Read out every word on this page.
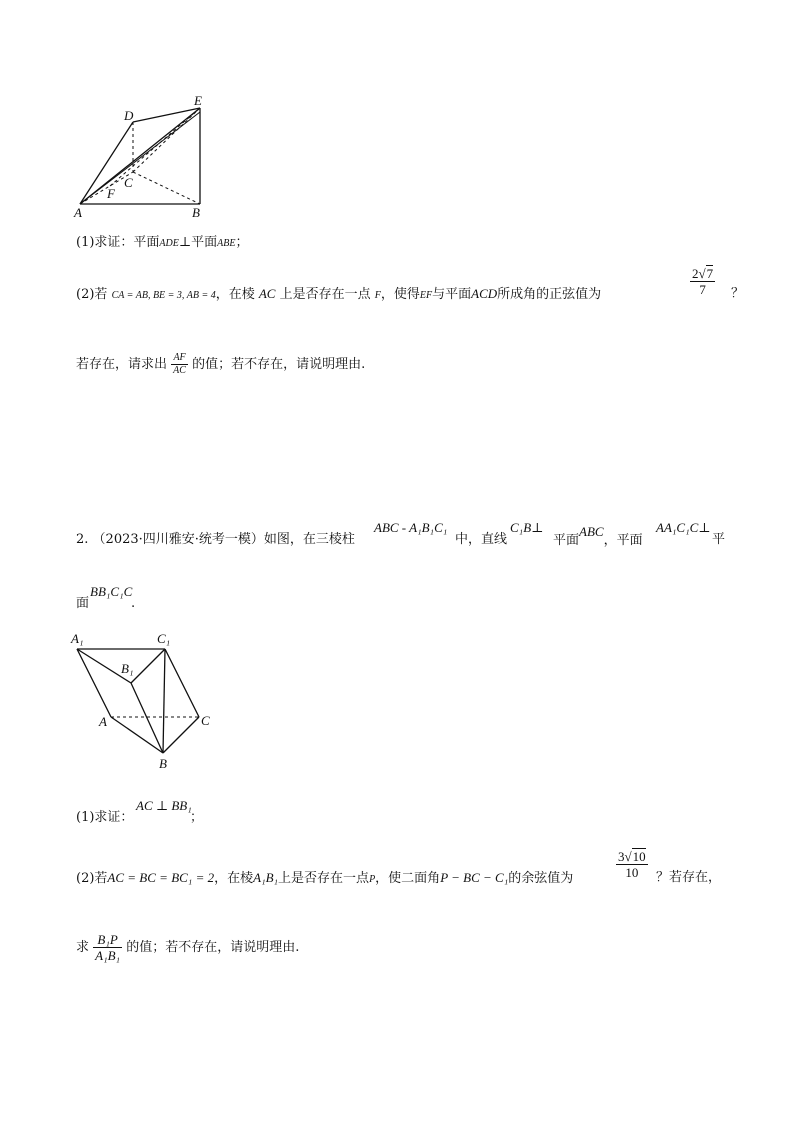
D
E
C
F
A	B
(1)求证：平面ADE⊥平面ABE；
(2)若 CA = AB, BE = 3, AB = 4，在棱 AC 上是否存在一点 F，使得EF与平面ACD所成角的正弦值为	$\frac{2√7}{7}$ ？
若存在，请求出 $\frac{AF}{AC}$ 的值；若不存在，请说明理由.
2. （2023·四川雅安·统考一模）如图，在三棱柱
ABC - A₁B₁C₁
中，直线
C₁B⊥
平面ABC，平面
AA₁C₁C⊥
平
面
BB₁C₁C
.
A₁	C₁
B₁
A	C
B
(1)求证：
AC ⊥ BB₁
；
(2)若AC = BC = BC₁ = 2，在棱A₁B₁上是否存在一点P，使二面角P − BC − C₁的余弦值为	$\frac{3√10}{10}$ ？若存在，
求 $\frac{\text{B₁P}}{\text{A₁B₁}}$ 的值；若不存在，请说明理由.
